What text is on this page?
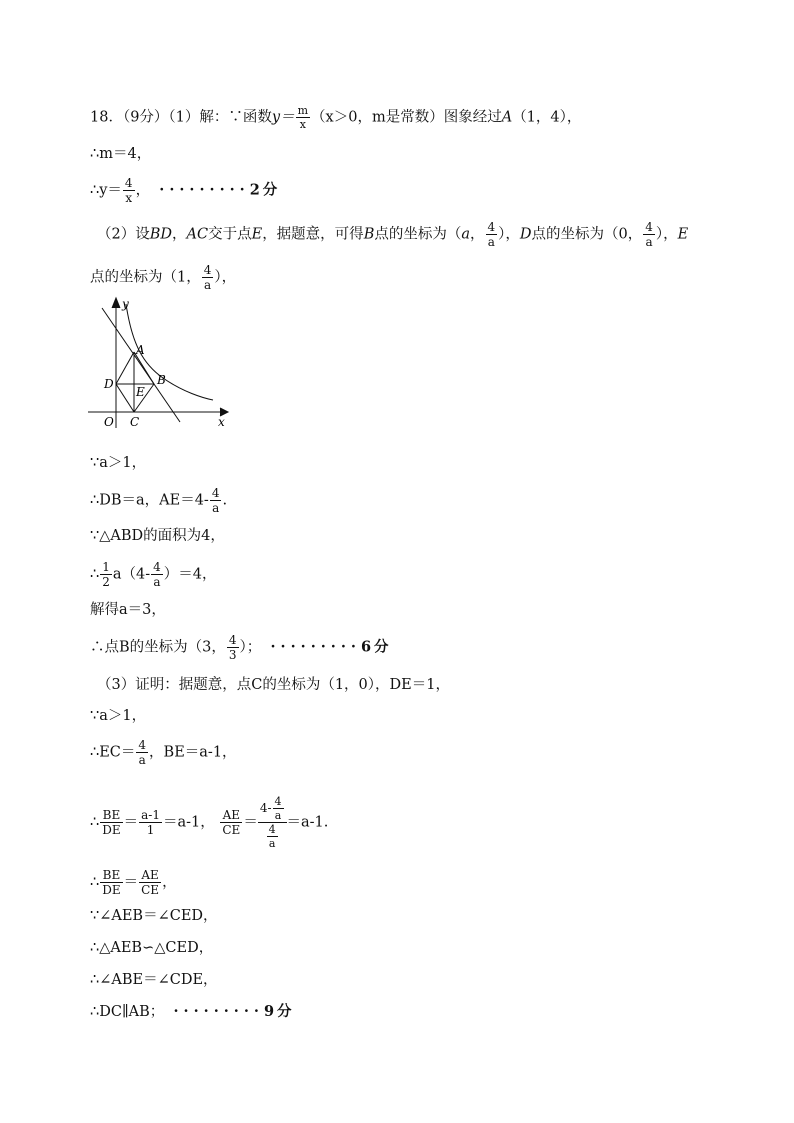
18．（9分）（1）解：∵函数$y= \frac{m}{x} (x>0$，m是常数）图象经过A（1，4），
∴m＝4，
∴y＝ $\frac{4}{x}$ ， ·········2分
（2）设BD，AC交于点E，据题意，可得B点的坐标为（a， $\frac{4}{a}$ ），D点的坐标为（0， $\frac{4}{a}$ ），E
点的坐标为（1， $\frac{4}{a}$ ），
y
x
O C
D
E
A
B
∵a＞1，
∴DB＝a，$AE=4- \frac{4}{a}$ .
∵△ABD的面积为4，
∴ $\frac{1}{2} a(4- \frac{4}{a} )=4$，
解得a＝3，
∴点B的坐标为（3， $\frac{4}{3}$ ）； ·········6分
（3）证明：据题意，点C的坐标为（1，0），DE＝1，
∵a＞1，
∴EC＝ $\frac{4}{a}$ ，BE＝a-1，
∴ $\frac{BE}{DE} = \frac{a-1}{1} =a-1$， $\frac{AE}{CE} = \frac{4- \frac{4}{a}}{\frac{4}{a}} =a-1$.
∴ $\frac{BE}{DE} = \frac{AE}{CE}$ ，
∵∠AEB＝∠CED，
∴△AEB∽△CED，
∴∠ABE＝∠CDE，
∴DC∥AB； ·········9分
